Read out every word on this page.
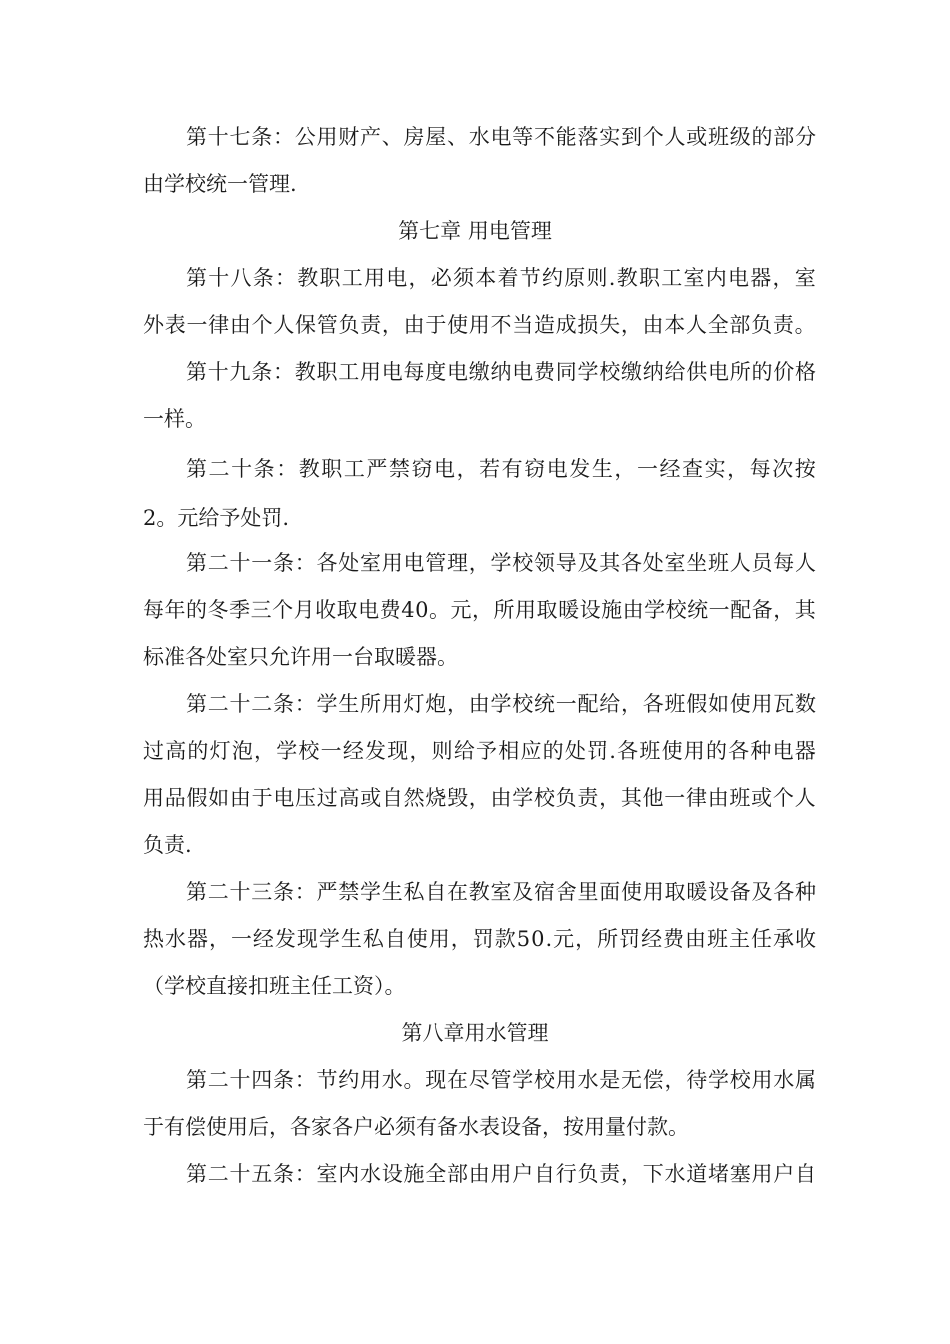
第 十 七 条 ： 公 用 财 产 、 房 屋 、 水 电 等 不 能 落 实 到 个 人 或 班 级 的 部 分
由学校统一管理.
第七章 用电管理
第 十 八 条 ： 教 职 工 用 电 ， 必 须 本 着 节 约 原 则 . 教 职 工 室 内 电 器 ， 室
外 表 一 律 由 个 人 保 管 负 责 ， 由 于 使 用 不 当 造 成 损 失 ， 由 本 人 全 部 负 责 。
第 十 九 条 ： 教 职 工 用 电 每 度 电 缴 纳 电 费 同 学 校 缴 纳 给 供 电 所 的 价 格
一样。
第 二 十 条 ： 教 职 工 严 禁 窃 电 ， 若 有 窃 电 发 生 ， 一 经 查 实 ， 每 次 按
2。元给予处罚.
第 二 十 一 条 ： 各 处 室 用 电 管 理 ， 学 校 领 导 及 其 各 处 室 坐 班 人 员 每 人
每 年 的 冬 季 三 个 月 收 取 电 费 4 0 。 元 ， 所 用 取 暖 设 施 由 学 校 统 一 配 备 ， 其
标准各处室只允许用一台取暖器。
第 二 十 二 条 ： 学 生 所 用 灯 炮 ， 由 学 校 统 一 配 给 ， 各 班 假 如 使 用 瓦 数
过 高 的 灯 泡 ， 学 校 一 经 发 现 ， 则 给 予 相 应 的 处 罚 . 各 班 使 用 的 各 种 电 器
用 品 假 如 由 于 电 压 过 高 或 自 然 烧 毁 ， 由 学 校 负 责 ， 其 他 一 律 由 班 或 个 人
负责.
第 二 十 三 条 ： 严 禁 学 生 私 自 在 教 室 及 宿 舍 里 面 使 用 取 暖 设 备 及 各 种
热 水 器 ， 一 经 发 现 学 生 私 自 使 用 ， 罚 款 5 0 . 元 ， 所 罚 经 费 由 班 主 任 承 收
（学校直接扣班主任工资）。
第八章用水管理
第 二 十 四 条 ： 节 约 用 水 。 现 在 尽 管 学 校 用 水 是 无 偿 ， 待 学 校 用 水 属
于有偿使用后，各家各户必须有备水表设备，按用量付款。
第 二 十 五 条 ： 室 内 水 设 施 全 部 由 用 户 自 行 负 责 ， 下 水 道 堵 塞 用 户 自
